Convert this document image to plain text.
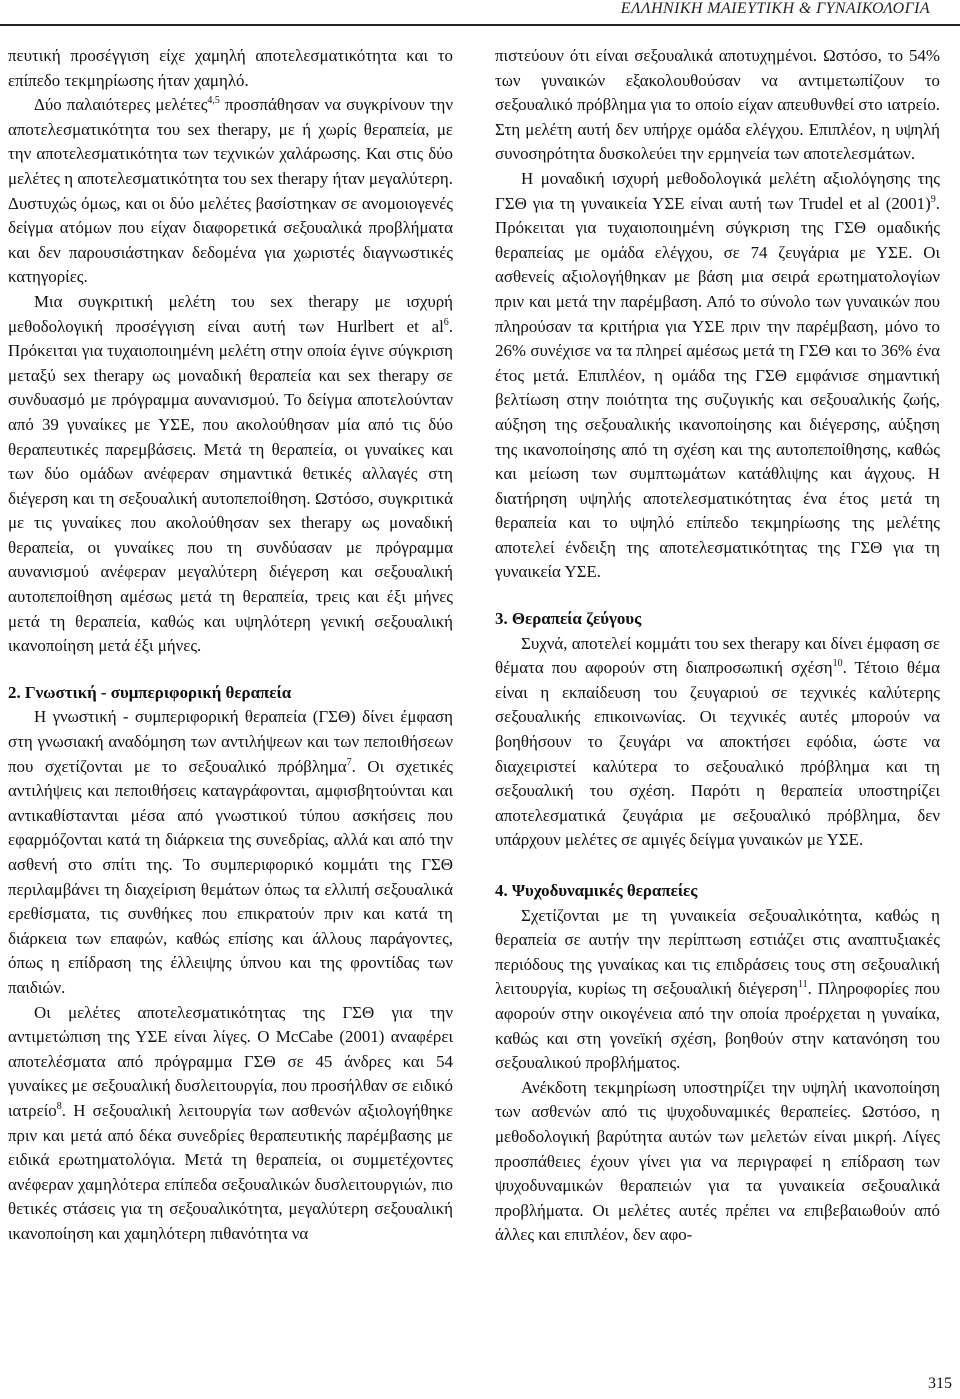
ΕΛΛΗΝΙΚΗ ΜΑΙΕΥΤΙΚΗ & ΓΥΝΑΙΚΟΛΟΓΙΑ

πευτική προσέγγιση είχε χαμηλή αποτελεσματικότητα και το επίπεδο τεκμηρίωσης ήταν χαμηλό.

Δύο παλαιότερες μελέτες$^{4,5}$ προσπάθησαν να συγκρίνουν την αποτελεσματικότητα του sex therapy, με ή χωρίς θεραπεία, με την αποτελεσματικότητα των τεχνικών χαλάρωσης. Και στις δύο μελέτες η αποτελεσματικότητα του sex therapy ήταν μεγαλύτερη. Δυστυχώς όμως, και οι δύο μελέτες βασίστηκαν σε ανομοιογενές δείγμα ατόμων που είχαν διαφορετικά σεξουαλικά προβλήματα και δεν παρουσιάστηκαν δεδομένα για χωριστές διαγνωστικές κατηγορίες.

Μια συγκριτική μελέτη του sex therapy με ισχυρή μεθοδολογική προσέγγιση είναι αυτή των Hurlbert et $al^6$. Πρόκειται για τυχαιοποιημένη μελέτη στην οποία έγινε σύγκριση μεταξύ sex therapy ως μοναδική θεραπεία και sex therapy σε συνδυασμό με πρόγραμμα αυνανισμού. Το δείγμα αποτελούνταν από 39 γυναίκες με ΥΣΕ, που ακολούθησαν μία από τις δύο θεραπευτικές παρεμβάσεις. Μετά τη θεραπεία, οι γυναίκες και των δύο ομάδων ανέφεραν σημαντικά θετικές αλλαγές στη διέγερση και τη σεξουαλική αυτοπεποίθηση. Ωστόσο, συγκριτικά με τις γυναίκες που ακολούθησαν sex therapy ως μοναδική θεραπεία, οι γυναίκες που τη συνδύασαν με πρόγραμμα αυνανισμού ανέφεραν μεγαλύτερη διέγερση και σεξουαλική αυτοπεποίθηση αμέσως μετά τη θεραπεία, τρεις και έξι μήνες μετά τη θεραπεία, καθώς και υψηλότερη γενική σεξουαλική ικανοποίηση μετά έξι μήνες.

2. Γνωστική - συμπεριφορική θεραπεία

Η γνωστική - συμπεριφορική θεραπεία (ΓΣΘ) δίνει έμφαση στη γνωσιακή αναδόμηση των αντιλήψεων και των πεποιθήσεων που σχετίζονται με το σεξουαλικό πρόβλημα$^7$. Οι σχετικές αντιλήψεις και πεποιθήσεις καταγράφονται, αμφισβητούνται και αντικαθίστανται μέσα από γνωστικού τύπου ασκήσεις που εφαρμόζονται κατά τη διάρκεια της συνεδρίας, αλλά και από την ασθενή στο σπίτι της. Το συμπεριφορικό κομμάτι της ΓΣΘ περιλαμβάνει τη διαχείριση θεμάτων όπως τα ελλιπή σεξουαλικά ερεθίσματα, τις συνθήκες που επικρατούν πριν και κατά τη διάρκεια των επαφών, καθώς επίσης και άλλους παράγοντες, όπως η επίδραση της έλλειψης ύπνου και της φροντίδας των παιδιών.

Οι μελέτες αποτελεσματικότητας της ΓΣΘ για την αντιμετώπιση της ΥΣΕ είναι λίγες. Ο McCabe (2001) αναφέρει αποτελέσματα από πρόγραμμα ΓΣΘ σε 45 άνδρες και 54 γυναίκες με σεξουαλική δυσλειτουργία, που προσήλθαν σε ειδικό ιατρείο$^8$. Η σεξουαλική λειτουργία των ασθενών αξιολογήθηκε πριν και μετά από δέκα συνεδρίες θεραπευτικής παρέμβασης με ειδικά ερωτηματολόγια. Μετά τη θεραπεία, οι συμμετέχοντες ανέφεραν χαμηλότερα επίπεδα σεξουαλικών δυσλειτουργιών, πιο θετικές στάσεις για τη σεξουαλικότητα, μεγαλύτερη σεξουαλική ικανοποίηση και χαμηλότερη πιθανότητα να

πιστεύουν ότι είναι σεξουαλικά αποτυχημένοι. Ωστόσο, το 54% των γυναικών εξακολουθούσαν να αντιμετωπίζουν το σεξουαλικό πρόβλημα για το οποίο είχαν απευθυνθεί στο ιατρείο. Στη μελέτη αυτή δεν υπήρχε ομάδα ελέγχου. Επιπλέον, η υψηλή συνοσηρότητα δυσκολεύει την ερμηνεία των αποτελεσμάτων.

Η μοναδική ισχυρή μεθοδολογικά μελέτη αξιολόγησης της ΓΣΘ για τη γυναικεία ΥΣΕ είναι αυτή των Trudel et al $(2001)^9$. Πρόκειται για τυχαιοποιημένη σύγκριση της ΓΣΘ ομαδικής θεραπείας με ομάδα ελέγχου, σε 74 ζευγάρια με ΥΣΕ. Οι ασθενείς αξιολογήθηκαν με βάση μια σειρά ερωτηματολογίων πριν και μετά την παρέμβαση. Από το σύνολο των γυναικών που πληρούσαν τα κριτήρια για ΥΣΕ πριν την παρέμβαση, μόνο το 26% συνέχισε να τα πληρεί αμέσως μετά τη ΓΣΘ και το 36% ένα έτος μετά. Επιπλέον, η ομάδα της ΓΣΘ εμφάνισε σημαντική βελτίωση στην ποιότητα της συζυγικής και σεξουαλικής ζωής, αύξηση της σεξουαλικής ικανοποίησης και διέγερσης, αύξηση της ικανοποίησης από τη σχέση και της αυτοπεποίθησης, καθώς και μείωση των συμπτωμάτων κατάθλιψης και άγχους. Η διατήρηση υψηλής αποτελεσματικότητας ένα έτος μετά τη θεραπεία και το υψηλό επίπεδο τεκμηρίωσης της μελέτης αποτελεί ένδειξη της αποτελεσματικότητας της ΓΣΘ για τη γυναικεία ΥΣΕ.

3. Θεραπεία ζεύγους

Συχνά, αποτελεί κομμάτι του sex therapy και δίνει έμφαση σε θέματα που αφορούν στη διαπροσωπική σχέση$^{10}$. Τέτοιο θέμα είναι η εκπαίδευση του ζευγαριού σε τεχνικές καλύτερης σεξουαλικής επικοινωνίας. Οι τεχνικές αυτές μπορούν να βοηθήσουν το ζευγάρι να αποκτήσει εφόδια, ώστε να διαχειριστεί καλύτερα το σεξουαλικό πρόβλημα και τη σεξουαλική του σχέση. Παρότι η θεραπεία υποστηρίζει αποτελεσματικά ζευγάρια με σεξουαλικό πρόβλημα, δεν υπάρχουν μελέτες σε αμιγές δείγμα γυναικών με ΥΣΕ.

4. Ψυχοδυναμικές θεραπείες

Σχετίζονται με τη γυναικεία σεξουαλικότητα, καθώς η θεραπεία σε αυτήν την περίπτωση εστιάζει στις αναπτυξιακές περιόδους της γυναίκας και τις επιδράσεις τους στη σεξουαλική λειτουργία, κυρίως τη σεξουαλική διέγερση$^{11}$. Πληροφορίες που αφορούν στην οικογένεια από την οποία προέρχεται η γυναίκα, καθώς και στη γονεϊκή σχέση, βοηθούν στην κατανόηση του σεξουαλικού προβλήματος.

Ανέκδοτη τεκμηρίωση υποστηρίζει την υψηλή ικανοποίηση των ασθενών από τις ψυχοδυναμικές θεραπείες. Ωστόσο, η μεθοδολογική βαρύτητα αυτών των μελετών είναι μικρή. Λίγες προσπάθειες έχουν γίνει για να περιγραφεί η επίδραση των ψυχοδυναμικών θεραπειών για τα γυναικεία σεξουαλικά προβλήματα. Οι μελέτες αυτές πρέπει να επιβεβαιωθούν από άλλες και επιπλέον, δεν αφο-

315
